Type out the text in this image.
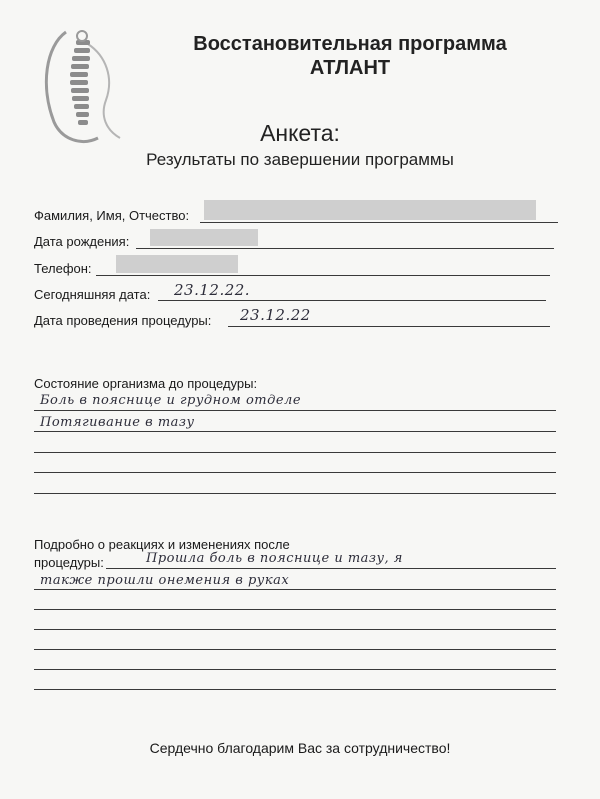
Восстановительная программа
АТЛАНТ
Анкета:
Результаты по завершении программы
Фамилия, Имя, Отчество:
Дата рождения:
Телефон:
Сегодняшняя дата: 23.12.22.
Дата проведения процедуры: 23.12.22
Состояние организма до процедуры:
Боль в пояснице и грудном отделе
Потягивание в тазу
Подробно о реакциях и изменениях после
процедуры:	Прошла боль в пояснице и тазу, я
также прошли онемения в руках
Сердечно благодарим Вас за сотрудничество!
